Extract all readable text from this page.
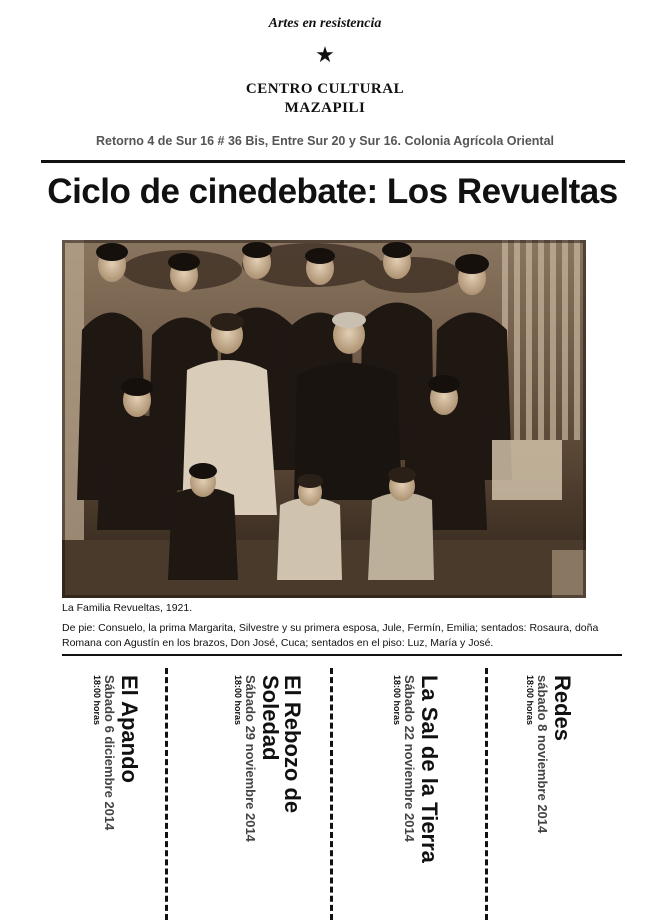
Artes en resistencia
★
CENTRO CULTURAL
MAZAPILI
Retorno 4 de Sur 16 # 36 Bis, Entre Sur 20 y Sur 16. Colonia Agrícola Oriental
Ciclo de cinedebate: Los Revueltas
La Familia Revueltas, 1921.
De pie: Consuelo, la prima Margarita, Silvestre y su primera esposa, Jule, Fermín, Emilia; sentados: Rosaura, doña Romana con Agustín en los brazos, Don José, Cuca; sentados en el piso: Luz, María y José.
El Apando
Sábado 6 diciembre 2014
18:00 horas	El Rebozo de
Soledad
Sábado 29 noviembre 2014
18:00 horas	La Sal de la Tierra
Sábado 22 noviembre 2014
18:00 horas	Redes
sábado 8 noviembre 2014
18:00 horas
